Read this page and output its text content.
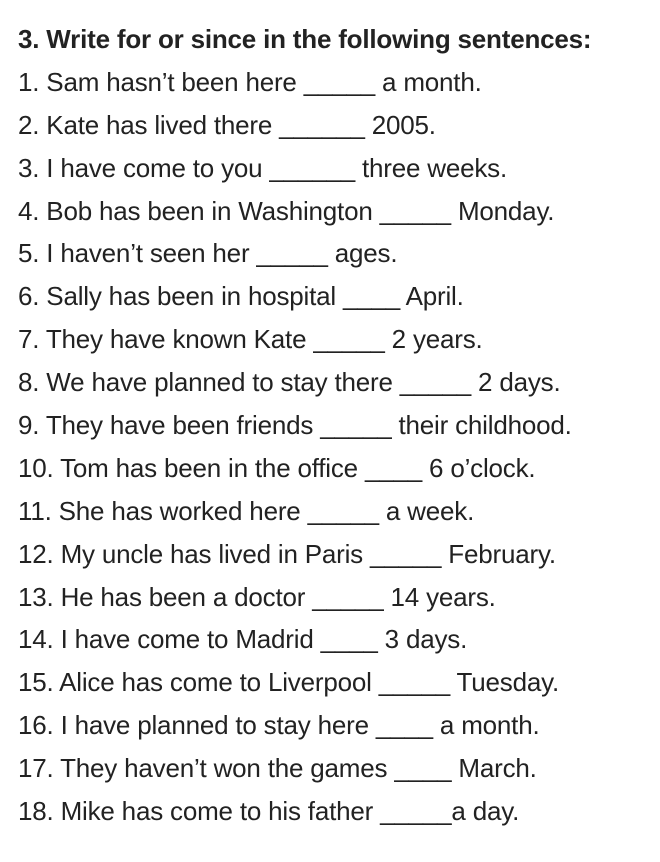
3. Write for or since in the following sentences:
1. Sam hasn’t been here _____ a month.
2. Kate has lived there ______ 2005.
3. I have come to you ______ three weeks.
4. Bob has been in Washington _____ Monday.
5. I haven’t seen her _____ ages.
6. Sally has been in hospital ____ April.
7. They have known Kate _____ 2 years.
8. We have planned to stay there _____ 2 days.
9. They have been friends _____ their childhood.
10. Tom has been in the office ____ 6 o’clock.
11. She has worked here _____ a week.
12. My uncle has lived in Paris _____ February.
13. He has been a doctor _____ 14 years.
14. I have come to Madrid ____ 3 days.
15. Alice has come to Liverpool _____ Tuesday.
16. I have planned to stay here ____ a month.
17. They haven’t won the games ____ March.
18. Mike has come to his father _____a day.
